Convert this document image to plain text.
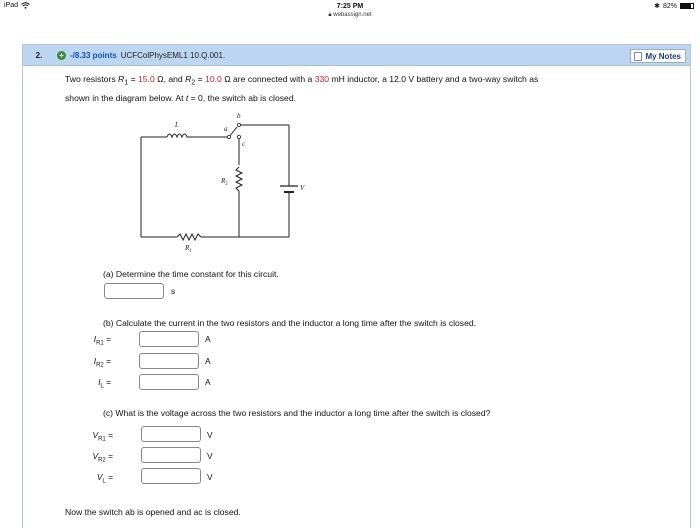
iPad	7:25 PM
🔒︎ webassign.net
✱ 82%
2.	+ -/8.33 points UCFColPhysEML1 10.Q.001.	My Notes
Two resistors $R_1 = 15.0$ Ω, and $R_2 = 10.0$ Ω are connected with a 330 mH inductor, a 12.0 V battery and a two-way switch as
shown in the diagram below. At t = 0, the switch ab is closed.
L	a
b
c
$R_2$	V
$R_1$
(a) Determine the time constant for this circuit.
s
(b) Calculate the current in the two resistors and the inductor a long time after the switch is closed.
$I_{R1}$ =	A
$I_{R2}$ =	A
$I_L$ =	A
(c) What is the voltage across the two resistors and the inductor a long time after the switch is closed?
$V_{R1}$ =	V
$V_{R2}$ =	V
$V_L$ =	V
Now the switch ab is opened and ac is closed.
